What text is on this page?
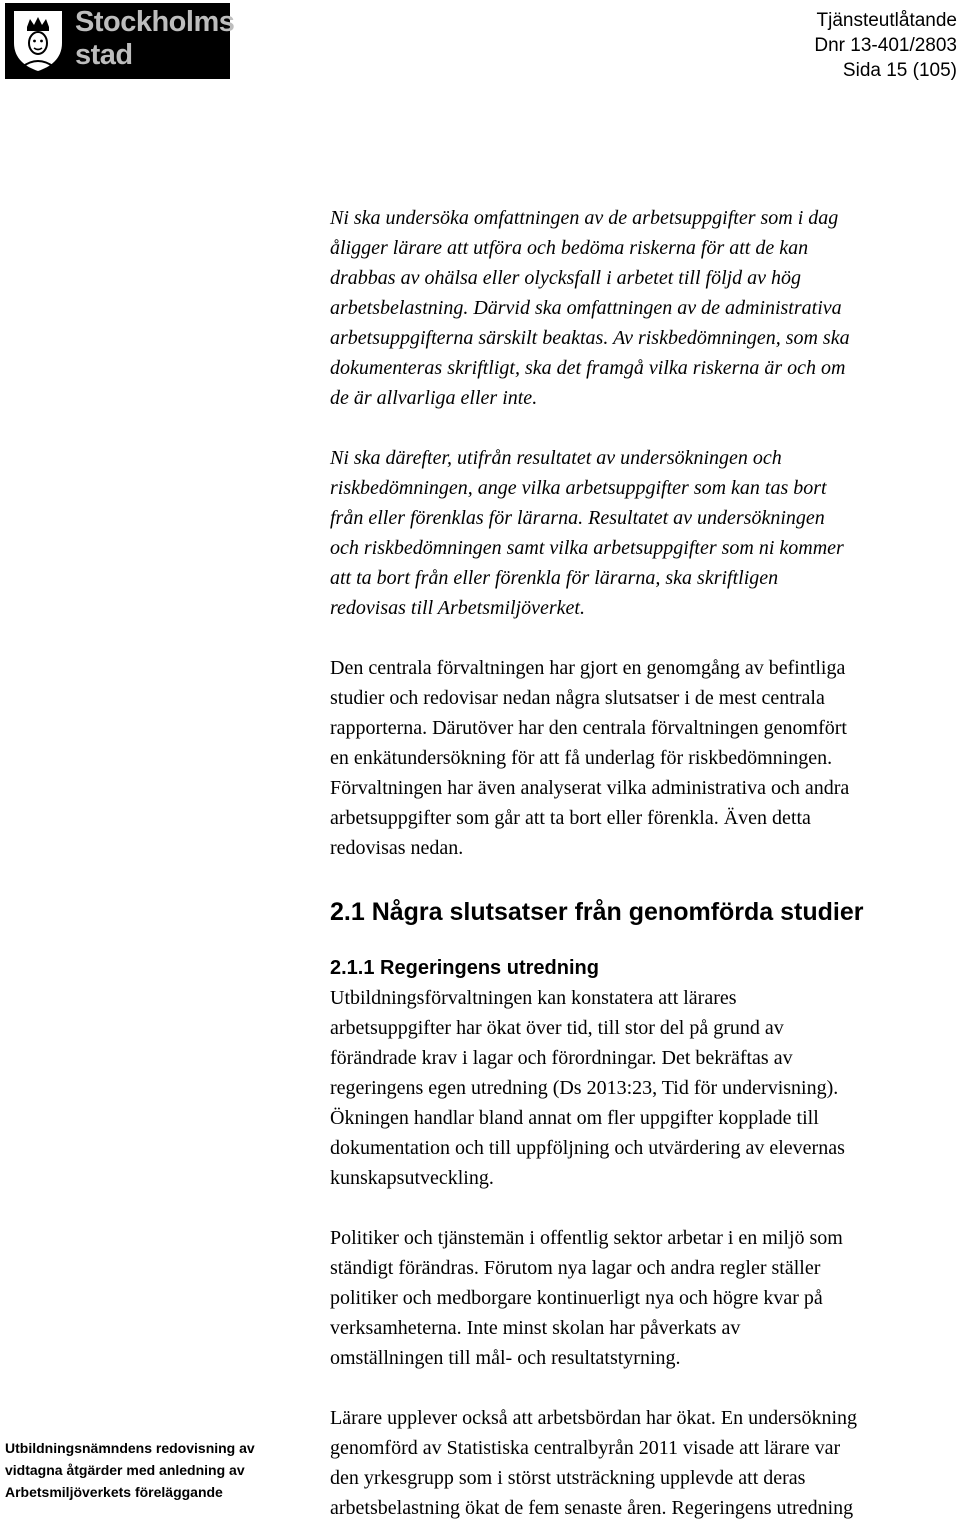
Stockholms
stad
Tjänsteutlåtande
Dnr 13-401/2803
Sida 15 (105)

Ni ska undersöka omfattningen av de arbetsuppgifter som i dag
åligger lärare att utföra och bedöma riskerna för att de kan
drabbas av ohälsa eller olycksfall i arbetet till följd av hög
arbetsbelastning. Därvid ska omfattningen av de administrativa
arbetsuppgifterna särskilt beaktas. Av riskbedömningen, som ska
dokumenteras skriftligt, ska det framgå vilka riskerna är och om
de är allvarliga eller inte.

Ni ska därefter, utifrån resultatet av undersökningen och
riskbedömningen, ange vilka arbetsuppgifter som kan tas bort
från eller förenklas för lärarna. Resultatet av undersökningen
och riskbedömningen samt vilka arbetsuppgifter som ni kommer
att ta bort från eller förenkla för lärarna, ska skriftligen
redovisas till Arbetsmiljöverket.

Den centrala förvaltningen har gjort en genomgång av befintliga
studier och redovisar nedan några slutsatser i de mest centrala
rapporterna. Därutöver har den centrala förvaltningen genomfört
en enkätundersökning för att få underlag för riskbedömningen.
Förvaltningen har även analyserat vilka administrativa och andra
arbetsuppgifter som går att ta bort eller förenkla. Även detta
redovisas nedan.

2.1 Några slutsatser från genomförda studier
2.1.1 Regeringens utredning

Utbildningsförvaltningen kan konstatera att lärares
arbetsuppgifter har ökat över tid, till stor del på grund av
förändrade krav i lagar och förordningar. Det bekräftas av
regeringens egen utredning (Ds 2013:23, Tid för undervisning).
Ökningen handlar bland annat om fler uppgifter kopplade till
dokumentation och till uppföljning och utvärdering av elevernas
kunskapsutveckling.

Politiker och tjänstemän i offentlig sektor arbetar i en miljö som
ständigt förändras. Förutom nya lagar och andra regler ställer
politiker och medborgare kontinuerligt nya och högre kvar på
verksamheterna. Inte minst skolan har påverkats av
omställningen till mål- och resultatstyrning.

Lärare upplever också att arbetsbördan har ökat. En undersökning
genomförd av Statistiska centralbyrån 2011 visade att lärare var
den yrkesgrupp som i störst utsträckning upplevde att deras
arbetsbelastning ökat de fem senaste åren. Regeringens utredning

Utbildningsnämndens redovisning av
vidtagna åtgärder med anledning av
Arbetsmiljöverkets föreläggande
